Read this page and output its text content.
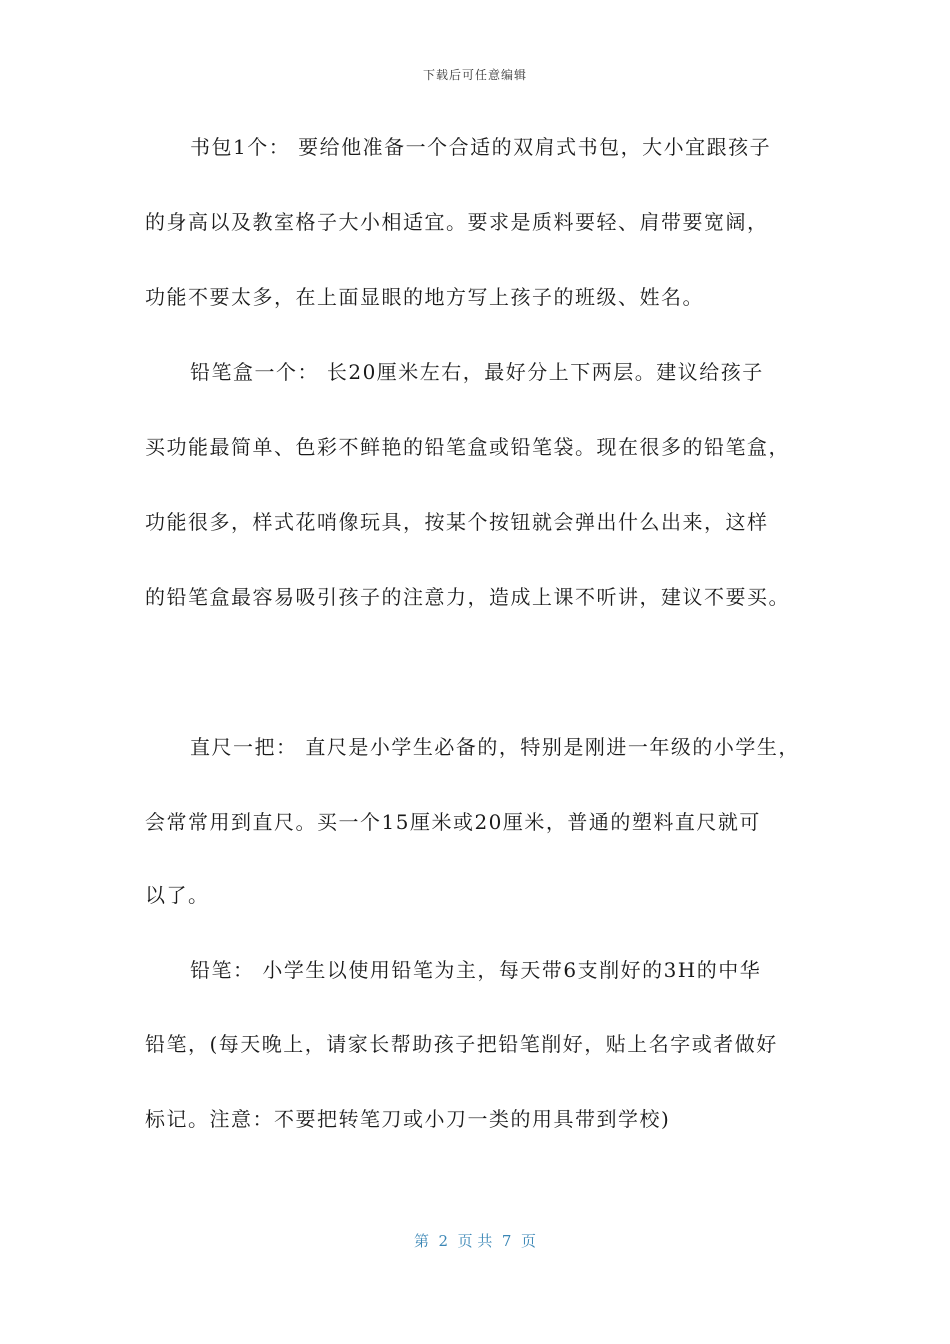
下载后可任意编辑
书包1个： 要给他准备一个合适的双肩式书包，大小宜跟孩子
的身高以及教室格子大小相适宜。要求是质料要轻、肩带要宽阔，
功能不要太多，在上面显眼的地方写上孩子的班级、姓名。
铅笔盒一个： 长20厘米左右，最好分上下两层。建议给孩子
买功能最简单、色彩不鲜艳的铅笔盒或铅笔袋。现在很多的铅笔盒，
功能很多，样式花哨像玩具，按某个按钮就会弹出什么出来，这样
的铅笔盒最容易吸引孩子的注意力，造成上课不听讲，建议不要买。
直尺一把： 直尺是小学生必备的，特别是刚进一年级的小学生，
会常常用到直尺。买一个15厘米或20厘米，普通的塑料直尺就可
以了。
铅笔： 小学生以使用铅笔为主，每天带6支削好的3H的中华
铅笔，(每天晚上，请家长帮助孩子把铅笔削好，贴上名字或者做好
标记。注意：不要把转笔刀或小刀一类的用具带到学校)
第  2  页 共  7  页
